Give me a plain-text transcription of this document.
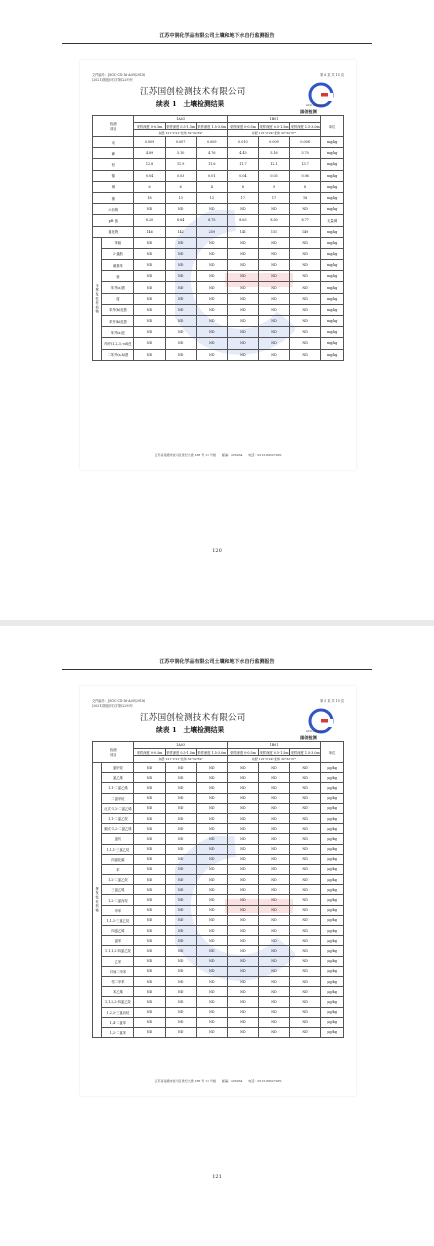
江苏中润化学品有限公司土壤和地下水自行监测报告
文件编号：JSGC-CX-16-A09(2018)
(2021)国创(环)字第(229)号
第 6 页 共 15 页
江苏国创检测技术有限公司
续表 1　土壤检测结果	GUO CHUANG
国创检测
检测
项目		1A03			1B01			单位
		采样深度 0-0.5m	采样深度 0.5-1.5m	采样深度 1.5-3.0m	采样深度 0-0.5m	采样深度 0.5-1.5m	采样深度 1.5-3.0m	
		东经 121°2'21"北纬 32°32'39"			东经 121°2'24"北纬 32°32'37"			
汞		0.009	0.007	0.009	0.010	0.009	0.008	mg/kg
砷		4.89	5.10	4.76	4.45	5.16	5.70	mg/kg
铅		12.8	11.9	11.6	11.7	12.1	13.7	mg/kg
镉		0.04	0.03	0.01	0.04	0.03	0.06	mg/kg
铜		6	6	4	8	9	8	mg/kg
镍		18	13	13	17	17	18	mg/kg
六价铬		ND	ND	ND	ND	ND	ND	mg/kg
pH 值		8.20	8.64	8.75	8.63	8.50	8.77	无量纲
氯化物		146	142	259	141	151	149	mg/kg
半挥发性有机物	苯胺	ND	ND	ND	ND	ND	ND	mg/kg
	2-氯酚	ND	ND	ND	ND	ND	ND	mg/kg
	硝基苯	ND	ND	ND	ND	ND	ND	mg/kg
	萘	ND	ND	ND	ND	ND	ND	mg/kg
	苯并(a)蒽	ND	ND	ND	ND	ND	ND	mg/kg
	䓛	ND	ND	ND	ND	ND	ND	mg/kg
	苯并(b)荧蒽	ND	ND	ND	ND	ND	ND	mg/kg
	苯并(k)荧蒽	ND	ND	ND	ND	ND	ND	mg/kg
	苯并(a)芘	ND	ND	ND	ND	ND	ND	mg/kg
	茚并(1,2,3,-cd)芘	ND	ND	ND	ND	ND	ND	mg/kg
	二苯并(a,h)蒽	ND	ND	ND	ND	ND	ND	mg/kg
江苏省南通市崇川区世纪大道 188 号 11 号楼　　邮编：226034　　电话：0513-89527280
120
江苏中润化学品有限公司土壤和地下水自行监测报告
文件编号：JSGC-CX-16-A09(2018)
(2021)国创(环)字第(229)号
第 5 页 共 15 页
江苏国创检测技术有限公司
续表 1　土壤检测结果	GUO CHUANG
国创检测
检测
项目		1A03			1B01			单位
		采样深度 0-0.5m	采样深度 0.5-1.5m	采样深度 1.5-3.0m	采样深度 0-0.5m	采样深度 0.5-1.5m	采样深度 1.5-3.0m	
		东经 121°2'21"北纬 32°32'39"			东经 121°2'24"北纬 32°32'37"			
挥发性有机物	氯甲烷	ND	ND	ND	ND	ND	ND	μg/kg
	氯乙烯	ND	ND	ND	ND	ND	ND	μg/kg
	1,1-二氯乙烯	ND	ND	ND	ND	ND	ND	μg/kg
	二氯甲烷	ND	ND	ND	ND	ND	ND	μg/kg
	反式-1,2-二氯乙烯	ND	ND	ND	ND	ND	ND	μg/kg
	1,1-二氯乙烷	ND	ND	ND	ND	ND	ND	μg/kg
	顺式-1,2-二氯乙烯	ND	ND	ND	ND	ND	ND	μg/kg
	氯仿	ND	ND	ND	ND	ND	ND	μg/kg
	1,1,1-三氯乙烷	ND	ND	ND	ND	ND	ND	μg/kg
	四氯化碳	ND	ND	ND	ND	ND	ND	μg/kg
	苯	ND	ND	ND	ND	ND	ND	μg/kg
	1,2-二氯乙烷	ND	ND	ND	ND	ND	ND	μg/kg
	三氯乙烯	ND	ND	ND	ND	ND	ND	μg/kg
	1,2-二氯丙烷	ND	ND	ND	ND	ND	ND	μg/kg
	甲苯	ND	ND	ND	ND	ND	ND	μg/kg
	1,1,2-三氯乙烷	ND	ND	ND	ND	ND	ND	μg/kg
	四氯乙烯	ND	ND	ND	ND	ND	ND	μg/kg
	氯苯	ND	ND	ND	ND	ND	ND	μg/kg
	1,1,1,2-四氯乙烷	ND	ND	ND	ND	ND	ND	μg/kg
	乙苯	ND	ND	ND	ND	ND	ND	μg/kg
	对间二甲苯	ND	ND	ND	ND	ND	ND	μg/kg
	邻二甲苯	ND	ND	ND	ND	ND	ND	μg/kg
	苯乙烯	ND	ND	ND	ND	ND	ND	μg/kg
	1,1,2,2-四氯乙烷	ND	ND	ND	ND	ND	ND	μg/kg
	1,2,3-三氯丙烷	ND	ND	ND	ND	ND	ND	μg/kg
	1,4-二氯苯	ND	ND	ND	ND	ND	ND	μg/kg
	1,2-二氯苯	ND	ND	ND	ND	ND	ND	μg/kg
江苏省南通市崇川区世纪大道 188 号 11 号楼　　邮编：226034　　电话：0513-89527280
121
